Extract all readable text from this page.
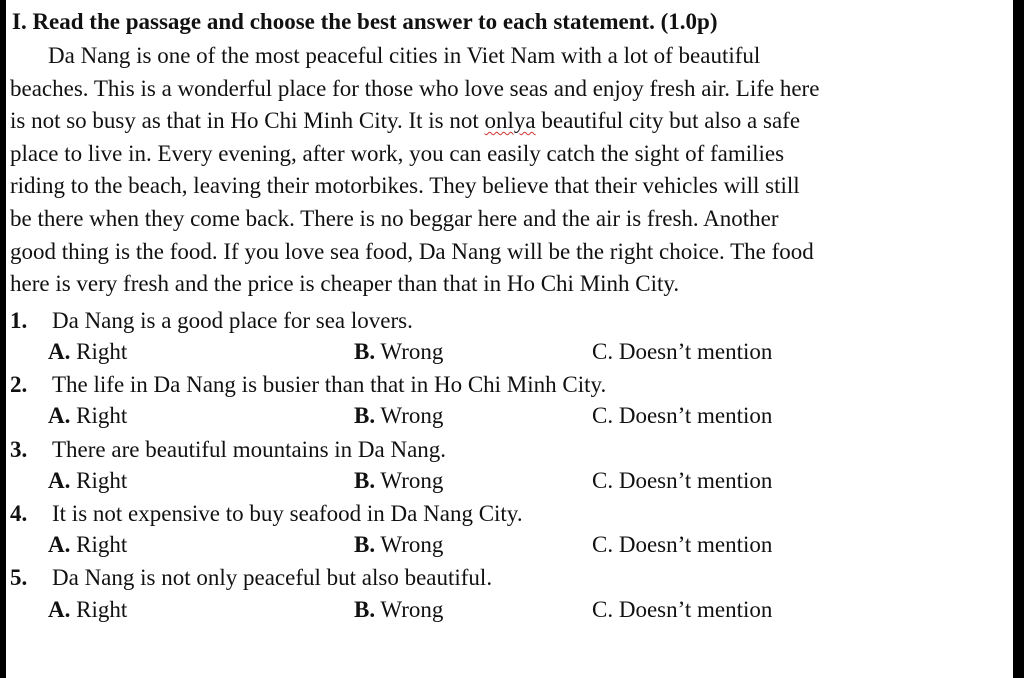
I. Read the passage and choose the best answer to each statement. (1.0p)
Da Nang is one of the most peaceful cities in Viet Nam with a lot of beautiful
beaches. This is a wonderful place for those who love seas and enjoy fresh air. Life here
is not so busy as that in Ho Chi Minh City. It is not onlya beautiful city but also a safe
place to live in. Every evening, after work, you can easily catch the sight of families
riding to the beach, leaving their motorbikes. They believe that their vehicles will still
be there when they come back. There is no beggar here and the air is fresh. Another
good thing is the food. If you love sea food, Da Nang will be the right choice. The food
here is very fresh and the price is cheaper than that in Ho Chi Minh City.
1. Da Nang is a good place for sea lovers.
A. Right	B. Wrong	C. Doesn’t mention
2. The life in Da Nang is busier than that in Ho Chi Minh City.
A. Right	B. Wrong	C. Doesn’t mention
3. There are beautiful mountains in Da Nang.
A. Right	B. Wrong	C. Doesn’t mention
4. It is not expensive to buy seafood in Da Nang City.
A. Right	B. Wrong	C. Doesn’t mention
5. Da Nang is not only peaceful but also beautiful.
A. Right	B. Wrong	C. Doesn’t mention
